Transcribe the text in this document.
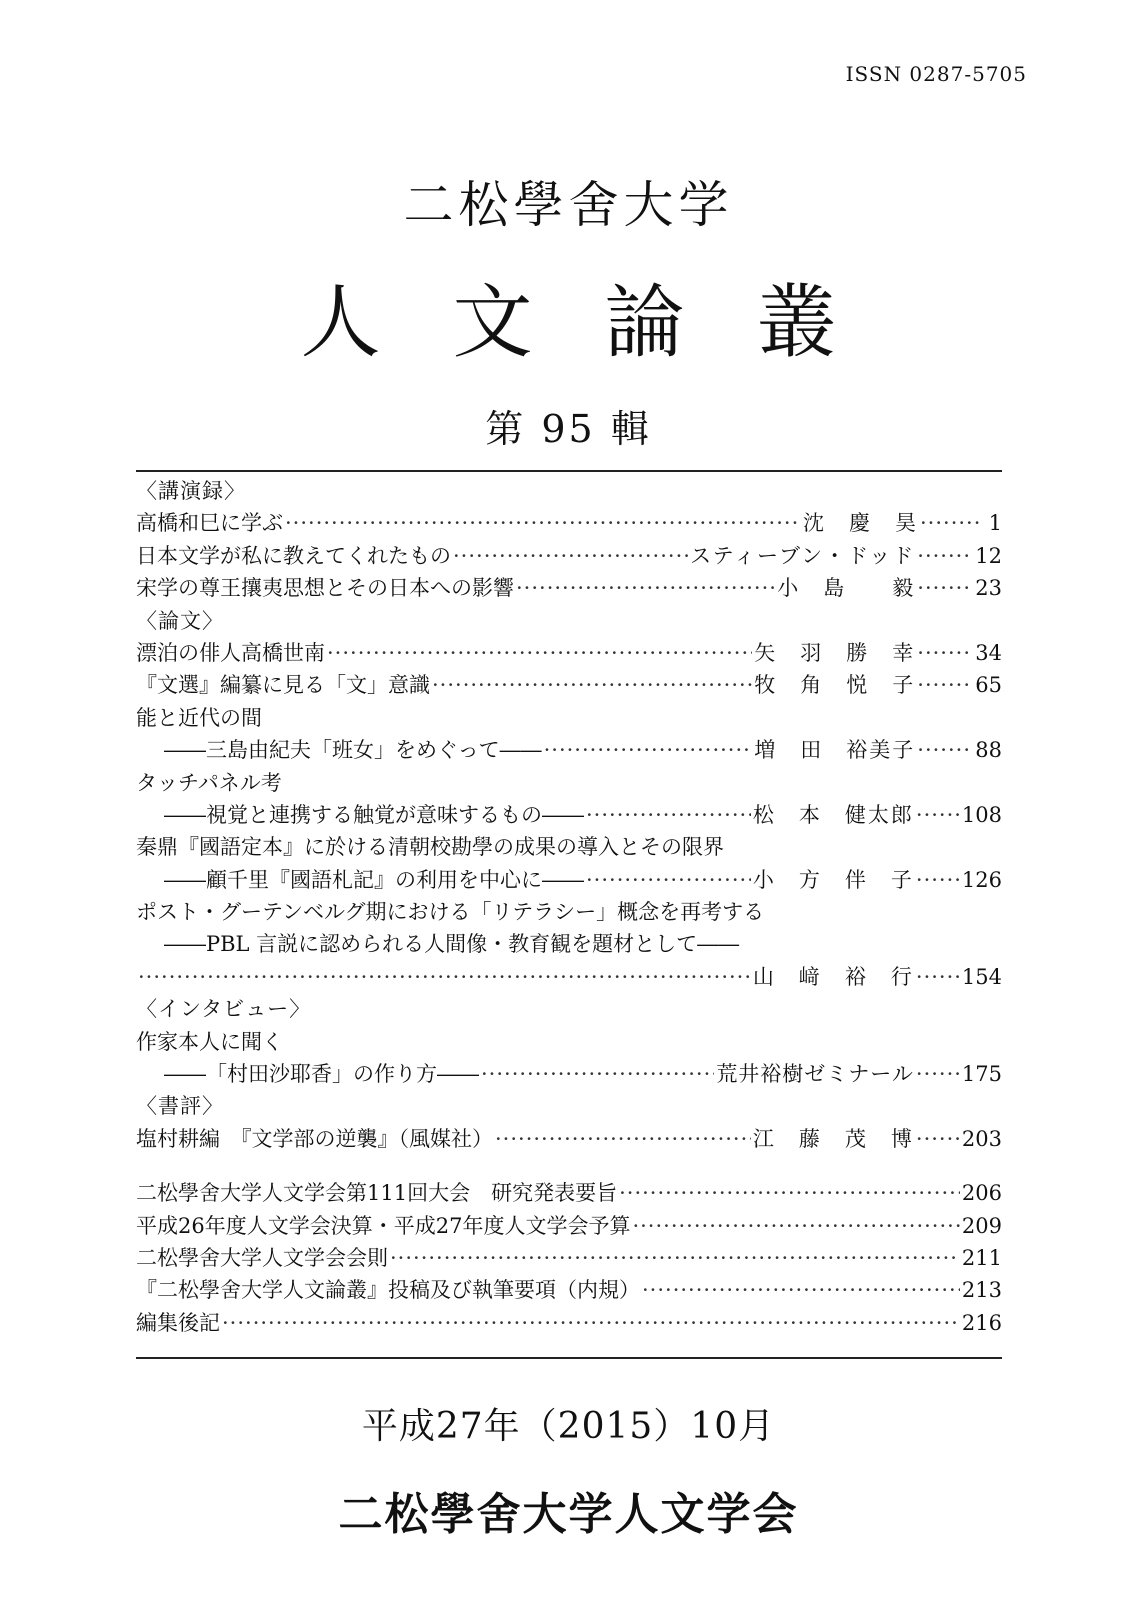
ISSN 0287-5705
二松學舍大学
人文論叢
第 95 輯
〈講演録〉
高橋和巳に学ぶ ·····	沈　慶　昊 ·····	1
日本文学が私に教えてくれたもの ·····	スティーブン・ドッド ·····	12
宋学の尊王攘夷思想とその日本への影響 ·····	小　島　　毅 ·····	23
〈論文〉
漂泊の俳人高橋世南 ·····	矢　羽　勝　幸 ·····	34
『文選』編纂に見る「文」意識 ·····	牧　角　悦　子 ·····	65
能と近代の間
――三島由紀夫「班女」をめぐって―― ·····	増　田　裕美子 ·····	88
タッチパネル考
――視覚と連携する触覚が意味するもの―― ·····	松　本　健太郎 ····· 108
秦鼎『國語定本』に於ける清朝校勘學の成果の導入とその限界
――顧千里『國語札記』の利用を中心に―― ·····	小　方　伴　子 ····· 126
ポスト・グーテンベルグ期における「リテラシー」概念を再考する
――PBL 言説に認められる人間像・教育観を題材として――
·····
山　﨑　裕　行 ····· 154
〈インタビュー〉
作家本人に聞く
――「村田沙耶香」の作り方―― ·····	荒井裕樹ゼミナール ····· 175
〈書評〉
塩村耕編　『文学部の逆襲』（風媒社） ·····	江　藤　茂　博 ····· 203
二松學舍大学人文学会第111回大会　研究発表要旨 ·····	206
平成26年度人文学会決算・平成27年度人文学会予算 ·····	209
二松學舍大学人文学会会則 ·····	211
『二松學舍大学人文論叢』投稿及び執筆要項（内規） ·····	213
編集後記 ·····	216
平成27年（2015）10月
二松學舍大学人文学会
